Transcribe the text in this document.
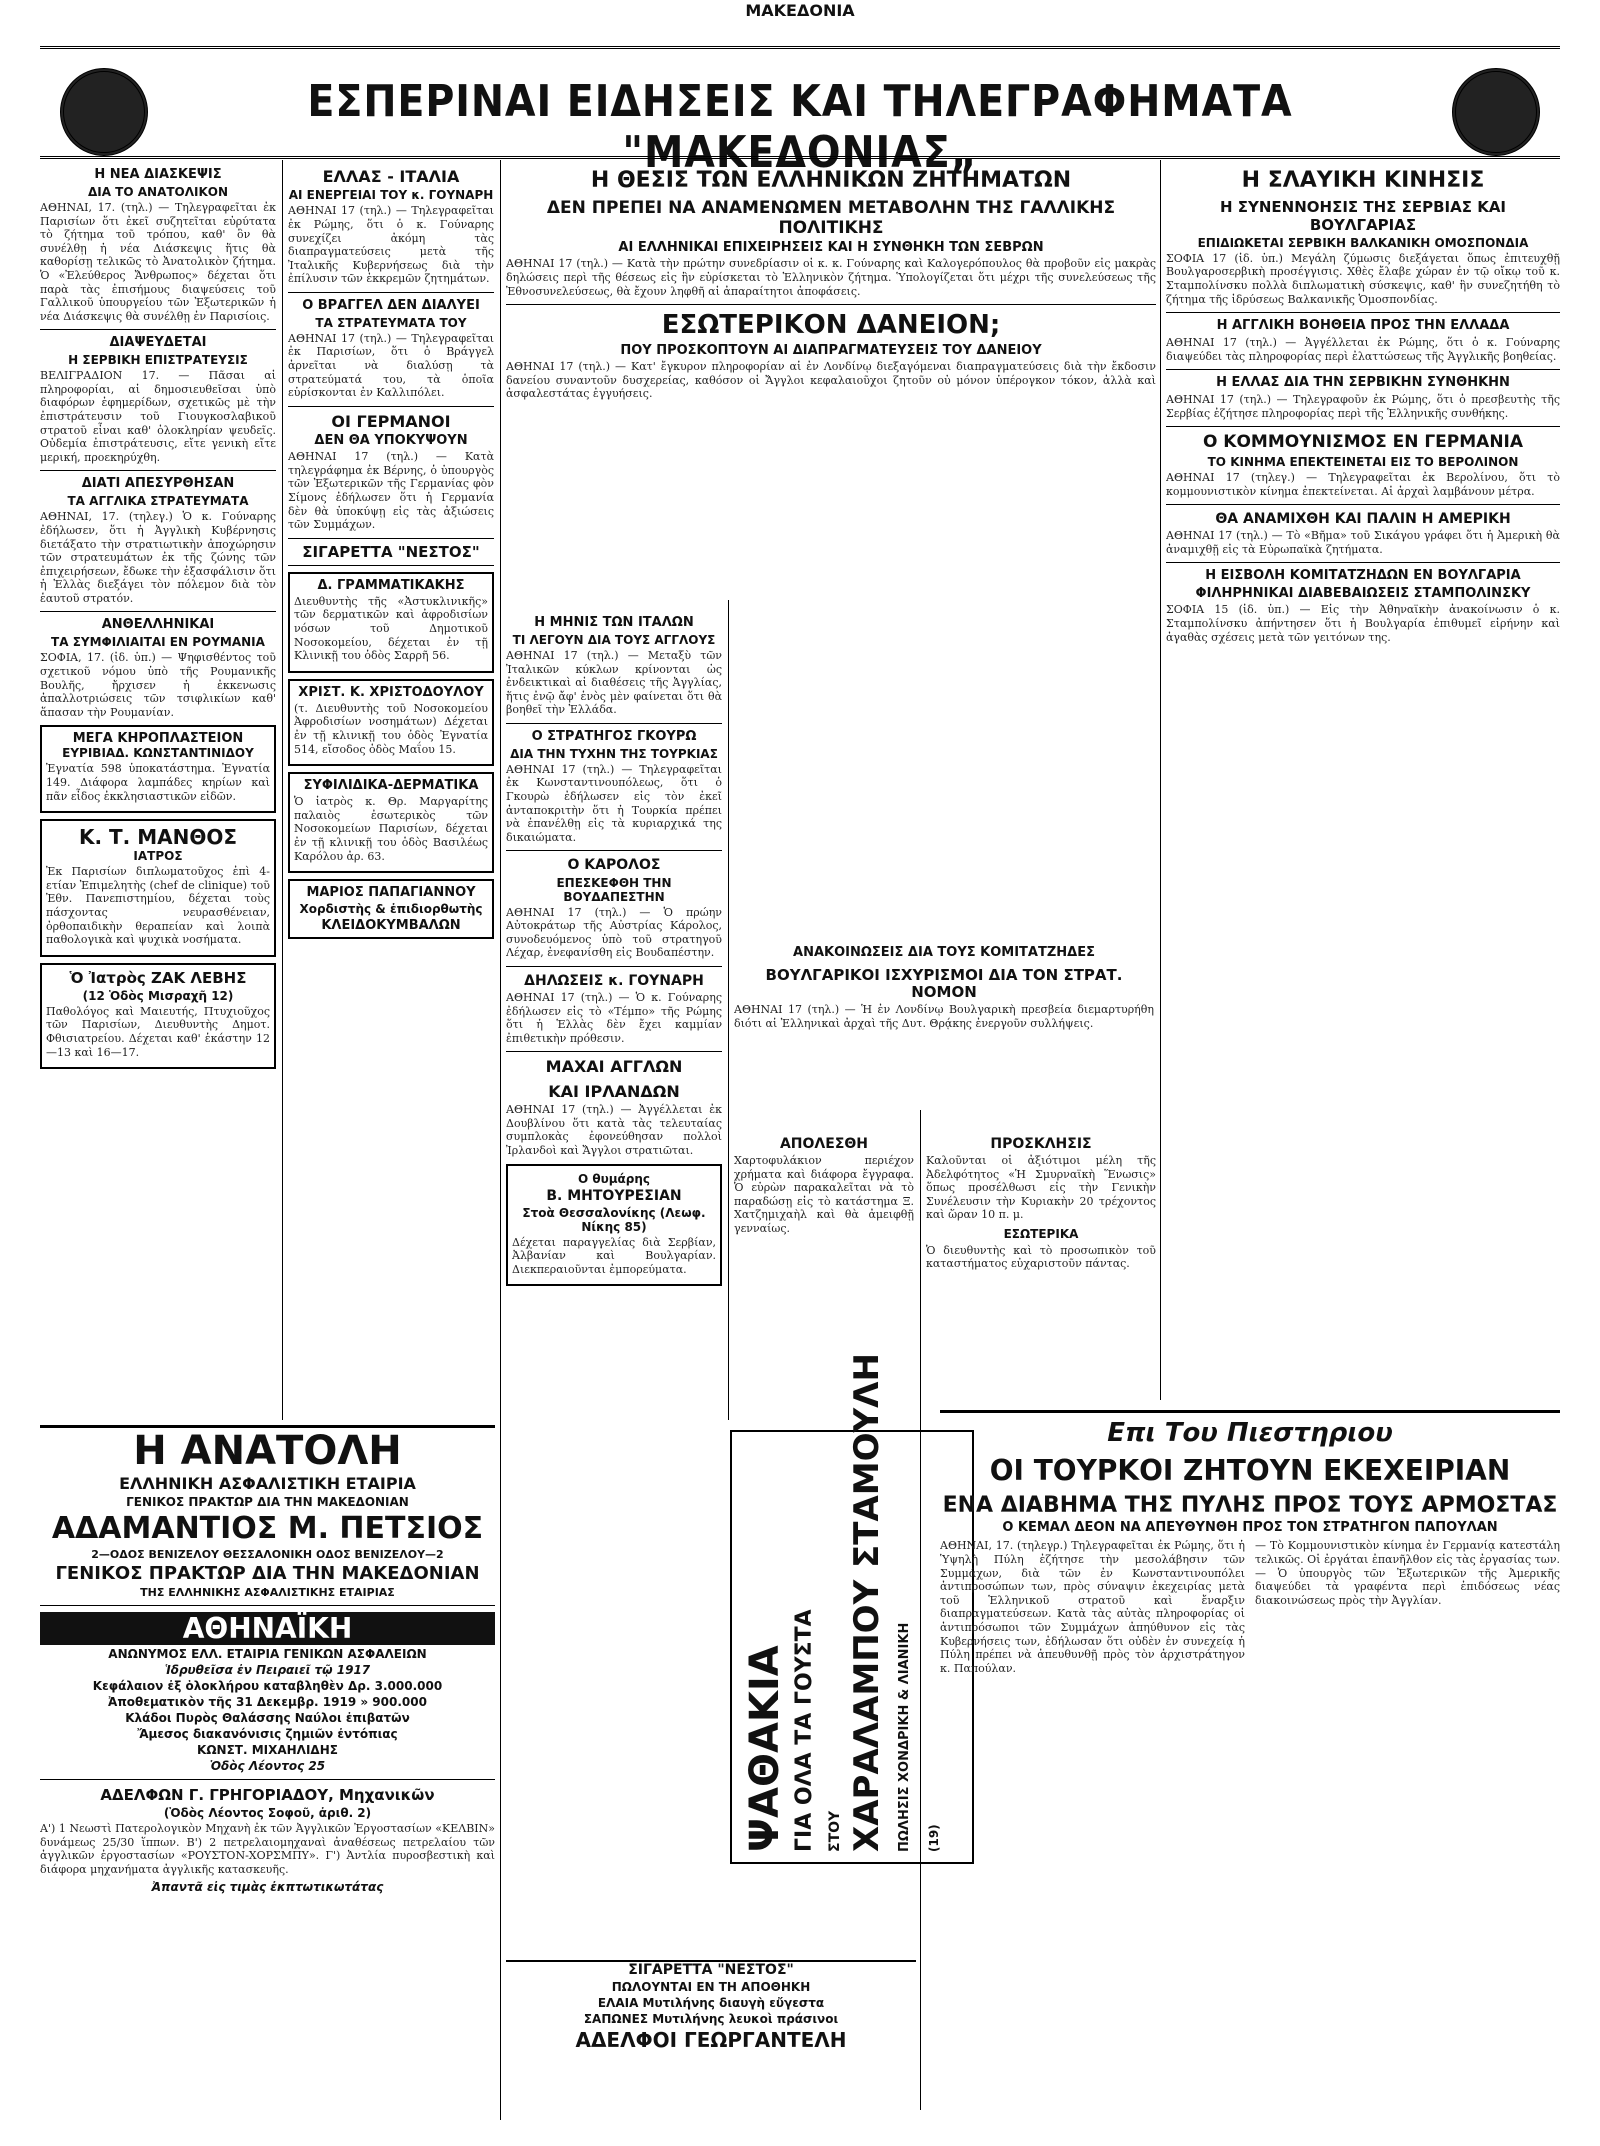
ΜΑΚΕΔΟΝΙΑ
ΕΣΠΕΡΙΝΑΙ ΕΙΔΗΣΕΙΣ ΚΑΙ ΤΗΛΕΓΡΑΦΗΜΑΤΑ "ΜΑΚΕΔΟΝΙΑΣ„
Η ΝΕΑ ΔΙΑΣΚΕΨΙΣ
ΔΙΑ ΤΟ ΑΝΑΤΟΛΙΚΟΝ
ΑΘΗΝΑΙ, 17. (τηλ.) — Τηλεγραφεῖται ἐκ Παρισίων ὅτι ἐκεῖ συζητεῖται εὐρύτατα τὸ ζήτημα τοῦ τρόπου, καθ' ὃν θὰ συνέλθῃ ἡ νέα Διάσκεψις ἥτις θὰ καθορίσῃ τελικῶς τὸ Ἀνατολικὸν ζήτημα. Ὁ «Ἐλεύθερος Ἄνθρωπος» δέχεται ὅτι παρὰ τὰς ἐπισήμους διαψεύσεις τοῦ Γαλλικοῦ ὑπουργείου τῶν Ἐξωτερικῶν ἡ νέα Διάσκεψις θὰ συνέλθῃ ἐν Παρισίοις.
ΔΙΑΨΕΥΔΕΤΑΙ
Η ΣΕΡΒΙΚΗ ΕΠΙΣΤΡΑΤΕΥΣΙΣ
ΒΕΛΙΓΡΑΔΙΟΝ 17. — Πᾶσαι αἱ πληροφορίαι, αἱ δημοσιευθεῖσαι ὑπὸ διαφόρων ἐφημερίδων, σχετικῶς μὲ τὴν ἐπιστράτευσιν τοῦ Γιουγκοσλαβικοῦ στρατοῦ εἶναι καθ' ὁλοκληρίαν ψευδεῖς. Οὐδεμία ἐπιστράτευσις, εἴτε γενικὴ εἴτε μερική, προεκηρύχθη.
ΔΙΑΤΙ ΑΠΕΣΥΡΘΗΣΑΝ
ΤΑ ΑΓΓΛΙΚΑ ΣΤΡΑΤΕΥΜΑΤΑ
ΑΘΗΝΑΙ, 17. (τηλεγ.) Ὁ κ. Γούναρης ἐδήλωσεν, ὅτι ἡ Ἀγγλικὴ Κυβέρνησις διετάξατο τὴν στρατιωτικὴν ἀποχώρησιν τῶν στρατευμάτων ἐκ τῆς ζώνης τῶν ἐπιχειρήσεων, ἔδωκε τὴν ἐξασφάλισιν ὅτι ἡ Ἑλλὰς διεξάγει τὸν πόλεμον διὰ τὸν ἑαυτοῦ στρατόν.
ΑΝΘΕΛΛΗΝΙΚΑΙ
ΤΑ ΣΥΜΦΙΛΙΑΙΤΑΙ ΕΝ ΡΟΥΜΑΝΙΑ
ΣΟΦΙΑ, 17. (ἰδ. ὑπ.) — Ψηφισθέντος τοῦ σχετικοῦ νόμου ὑπὸ τῆς Ρουμανικῆς Βουλῆς, ἤρχισεν ἡ ἐκκενωσις ἀπαλλοτριώσεις τῶν τσιφλικίων καθ' ἅπασαν τὴν Ρουμανίαν.
ΜΕΓΑ ΚΗΡΟΠΛΑΣΤΕΙΟΝ
ΕΥΡΙΒΙΑΔ. ΚΩΝΣΤΑΝΤΙΝΙΔΟΥ
Ἐγνατία 598 ὑποκατάστημα. Ἐγνατία 149. Διάφορα λαμπάδες κηρίων καὶ πᾶν εἶδος ἐκκλησιαστικῶν εἰδῶν.
Κ. Τ. ΜΑΝΘΟΣ
ΙΑΤΡΟΣ
Ἐκ Παρισίων διπλωματοῦχος ἐπὶ 4-ετίαν Ἐπιμελητὴς (chef de clinique) τοῦ Ἐθν. Πανεπιστημίου, δέχεται τοὺς πάσχοντας νευρασθένειαν, ὀρθοπαιδικὴν θεραπείαν καὶ λοιπὰ παθολογικὰ καὶ ψυχικὰ νοσήματα.
Ὁ Ἰατρὸς ΖΑΚ ΛΕΒΗΣ
(12 Ὁδὸς Μισραχῆ 12)
Παθολόγος καὶ Μαιευτής, Πτυχιοῦχος τῶν Παρισίων, Διευθυντὴς Δημοτ. Φθισιατρείου. Δέχεται καθ' ἑκάστην 12—13 καὶ 16—17.
ΕΛΛΑΣ - ΙΤΑΛΙΑ
ΑΙ ΕΝΕΡΓΕΙΑΙ ΤΟΥ κ. ΓΟΥΝΑΡΗ
ΑΘΗΝΑΙ 17 (τηλ.) — Τηλεγραφεῖται ἐκ Ρώμης, ὅτι ὁ κ. Γούναρης συνεχίζει ἀκόμη τὰς διαπραγματεύσεις μετὰ τῆς Ἰταλικῆς Κυβερνήσεως διὰ τὴν ἐπίλυσιν τῶν ἐκκρεμῶν ζητημάτων.
Ο ΒΡΑΓΓΕΛ ΔΕΝ ΔΙΑΛΥΕΙ
ΤΑ ΣΤΡΑΤΕΥΜΑΤΑ ΤΟΥ
ΑΘΗΝΑΙ 17 (τηλ.) — Τηλεγραφεῖται ἐκ Παρισίων, ὅτι ὁ Βράγγελ ἀρνεῖται νὰ διαλύσῃ τὰ στρατεύματά του, τὰ ὁποῖα εὑρίσκονται ἐν Καλλιπόλει.
ΟΙ ΓΕΡΜΑΝΟΙ
ΔΕΝ ΘΑ ΥΠΟΚΥΨΟΥΝ
ΑΘΗΝΑΙ 17 (τηλ.) — Κατὰ τηλεγράφημα ἐκ Βέρνης, ὁ ὑπουργὸς τῶν Ἐξωτερικῶν τῆς Γερμανίας φὸν Σίμονς ἐδήλωσεν ὅτι ἡ Γερμανία δὲν θὰ ὑποκύψῃ εἰς τὰς ἀξιώσεις τῶν Συμμάχων.
ΣΙΓΑΡΕΤΤΑ "ΝΕΣΤΟΣ"
Δ. ΓΡΑΜΜΑΤΙΚΑΚΗΣ
Διευθυντὴς τῆς «Ἀστυκλινικῆς» τῶν δερματικῶν καὶ ἀφροδισίων νόσων τοῦ Δημοτικοῦ Νοσοκομείου, δέχεται ἐν τῇ Κλινικῇ του ὁδὸς Σαρρῆ 56.
ΧΡΙΣΤ. Κ. ΧΡΙΣΤΟΔΟΥΛΟΥ
(τ. Διευθυντὴς τοῦ Νοσοκομείου Ἀφροδισίων νοσημάτων) Δέχεται ἐν τῇ κλινικῇ του ὁδὸς Ἐγνατία 514, εἴσοδος ὁδὸς Μαΐου 15.
ΣΥΦΙΛΙΔΙΚΑ-ΔΕΡΜΑΤΙΚΑ
Ὁ ἰατρὸς κ. Θρ. Μαργαρίτης παλαιὸς ἐσωτερικὸς τῶν Νοσοκομείων Παρισίων, δέχεται ἐν τῇ κλινικῇ του ὁδὸς Βασιλέως Καρόλου ἀρ. 63.
ΜΑΡΙΟΣ ΠΑΠΑΓΙΑΝΝΟΥ
Χορδιστὴς & ἐπιδιορθωτὴς
ΚΛΕΙΔΟΚΥΜΒΑΛΩΝ
Η ΘΕΣΙΣ ΤΩΝ ΕΛΛΗΝΙΚΩΝ ΖΗΤΗΜΑΤΩΝ
ΔΕΝ ΠΡΕΠΕΙ ΝΑ ΑΝΑΜΕΝΩΜΕΝ ΜΕΤΑΒΟΛΗΝ ΤΗΣ ΓΑΛΛΙΚΗΣ ΠΟΛΙΤΙΚΗΣ
ΑΙ ΕΛΛΗΝΙΚΑΙ ΕΠΙΧΕΙΡΗΣΕΙΣ ΚΑΙ Η ΣΥΝΘΗΚΗ ΤΩΝ ΣΕΒΡΩΝ
ΑΘΗΝΑΙ 17 (τηλ.) — Κατὰ τὴν πρώτην συνεδρίασιν οἱ κ. κ. Γούναρης καὶ Καλογερόπουλος θὰ προβοῦν εἰς μακρὰς δηλώσεις περὶ τῆς θέσεως εἰς ἣν εὑρίσκεται τὸ Ἑλληνικὸν ζήτημα. Ὑπολογίζεται ὅτι μέχρι τῆς συνελεύσεως τῆς Ἐθνοσυνελεύσεως, θὰ ἔχουν ληφθῆ αἱ ἀπαραίτητοι ἀποφάσεις.
ΕΣΩΤΕΡΙΚΟΝ ΔΑΝΕΙΟΝ;
ΠΟΥ ΠΡΟΣΚΟΠΤΟΥΝ ΑΙ ΔΙΑΠΡΑΓΜΑΤΕΥΣΕΙΣ ΤΟΥ ΔΑΝΕΙΟΥ
ΑΘΗΝΑΙ 17 (τηλ.) — Κατ' ἔγκυρον πληροφορίαν αἱ ἐν Λονδίνῳ διεξαγόμεναι διαπραγματεύσεις διὰ τὴν ἔκδοσιν δανείου συναντοῦν δυσχερείας, καθόσον οἱ Ἄγγλοι κεφαλαιοῦχοι ζητοῦν οὐ μόνον ὑπέρογκον τόκον, ἀλλὰ καὶ ἀσφαλεστάτας ἐγγυήσεις.
Η ΜΗΝΙΣ ΤΩΝ ΙΤΑΛΩΝ
ΤΙ ΛΕΓΟΥΝ ΔΙΑ ΤΟΥΣ ΑΓΓΛΟΥΣ
ΑΘΗΝΑΙ 17 (τηλ.) — Μεταξὺ τῶν Ἰταλικῶν κύκλων κρίνονται ὡς ἐνδεικτικαὶ αἱ διαθέσεις τῆς Ἀγγλίας, ἥτις ἐνῷ ἄφ' ἑνὸς μὲν φαίνεται ὅτι θὰ βοηθεῖ τὴν Ἑλλάδα.
Ο ΣΤΡΑΤΗΓΟΣ ΓΚΟΥΡΩ
ΔΙΑ ΤΗΝ ΤΥΧΗΝ ΤΗΣ ΤΟΥΡΚΙΑΣ
ΑΘΗΝΑΙ 17 (τηλ.) — Τηλεγραφεῖται ἐκ Κωνσταντινουπόλεως, ὅτι ὁ Γκουρὼ ἐδήλωσεν εἰς τὸν ἐκεῖ ἀνταποκριτὴν ὅτι ἡ Τουρκία πρέπει νὰ ἐπανέλθῃ εἰς τὰ κυριαρχικά της δικαιώματα.
Ο ΚΑΡΟΛΟΣ
ΕΠΕΣΚΕΦΘΗ ΤΗΝ ΒΟΥΔΑΠΕΣΤΗΝ
ΑΘΗΝΑΙ 17 (τηλ.) — Ὁ πρώην Αὐτοκράτωρ τῆς Αὐστρίας Κάρολος, συνοδευόμενος ὑπὸ τοῦ στρατηγοῦ Λέχαρ, ἐνεφανίσθη εἰς Βουδαπέστην.
ΔΗΛΩΣΕΙΣ κ. ΓΟΥΝΑΡΗ
ΑΘΗΝΑΙ 17 (τηλ.) — Ὁ κ. Γούναρης ἐδήλωσεν εἰς τὸ «Τέμπο» τῆς Ρώμης ὅτι ἡ Ἑλλὰς δὲν ἔχει καμμίαν ἐπιθετικὴν πρόθεσιν.
ΜΑΧΑΙ ΑΓΓΛΩΝ
ΚΑΙ ΙΡΛΑΝΔΩΝ
ΑΘΗΝΑΙ 17 (τηλ.) — Ἀγγέλλεται ἐκ Δουβλίνου ὅτι κατὰ τὰς τελευταίας συμπλοκὰς ἐφονεύθησαν πολλοὶ Ἰρλανδοὶ καὶ Ἄγγλοι στρατιῶται.
Ο θυμάρης
Β. ΜΗΤΟΥΡΕΣΙΑΝ
Στοὰ Θεσσαλονίκης (Λεωφ. Νίκης 85)
Δέχεται παραγγελίας διὰ Σερβίαν, Ἀλβανίαν καὶ Βουλγαρίαν. Διεκπεραιοῦνται ἐμπορεύματα.
ΑΝΑΚΟΙΝΩΣΕΙΣ ΔΙΑ ΤΟΥΣ ΚΟΜΙΤΑΤΖΗΔΕΣ
ΒΟΥΛΓΑΡΙΚΟΙ ΙΣΧΥΡΙΣΜΟΙ ΔΙΑ ΤΟΝ ΣΤΡΑΤ. ΝΟΜΟΝ
ΑΘΗΝΑΙ 17 (τηλ.) — Ἡ ἐν Λονδίνῳ Βουλγαρικὴ πρεσβεία διεμαρτυρήθη διότι αἱ Ἑλληνικαὶ ἀρχαὶ τῆς Δυτ. Θρᾴκης ἐνεργοῦν συλλήψεις.
ΑΠΟΛΕΣΘΗ
Χαρτοφυλάκιον περιέχον χρήματα καὶ διάφορα ἔγγραφα. Ὁ εὑρὼν παρακαλεῖται νὰ τὸ παραδώσῃ εἰς τὸ κατάστημα Ξ. Χατζημιχαὴλ καὶ θὰ ἀμειφθῇ γενναίως.
ΠΡΟΣΚΛΗΣΙΣ
Καλοῦνται οἱ ἀξιότιμοι μέλη τῆς Ἀδελφότητος «Ἡ Σμυρναϊκὴ Ἕνωσις» ὅπως προσέλθωσι εἰς τὴν Γενικὴν Συνέλευσιν τὴν Κυριακὴν 20 τρέχοντος καὶ ὥραν 10 π. μ.
ΕΣΩΤΕΡΙΚΑ
Ὁ διευθυντὴς καὶ τὸ προσωπικὸν τοῦ καταστήματος εὐχαριστοῦν πάντας.
ΨΑΘΑΚΙΑ ΓΙΑ ΟΛΑ ΤΑ ΓΟΥΣΤΑ ΣΤΟΥ ΧΑΡΑΛΑΜΠΟΥ ΣΤΑΜΟΥΛΗ ΠΩΛΗΣΙΣ ΧΟΝΔΡΙΚΗ & ΛΙΑΝΙΚΗ (19)
Η ΣΛΑΥΙΚΗ ΚΙΝΗΣΙΣ
Η ΣΥΝΕΝΝΟΗΣΙΣ ΤΗΣ ΣΕΡΒΙΑΣ ΚΑΙ ΒΟΥΛΓΑΡΙΑΣ
ΕΠΙΔΙΩΚΕΤΑΙ ΣΕΡΒΙΚΗ ΒΑΛΚΑΝΙΚΗ ΟΜΟΣΠΟΝΔΙΑ
ΣΟΦΙΑ 17 (ἰδ. ὑπ.) Μεγάλη ζύμωσις διεξάγεται ὅπως ἐπιτευχθῇ Βουλγαροσερβικὴ προσέγγισις. Χθὲς ἔλαβε χώραν ἐν τῷ οἴκῳ τοῦ κ. Σταμπολίνσκυ πολλὰ διπλωματικὴ σύσκεψις, καθ' ἣν συνεζητήθη τὸ ζήτημα τῆς ἱδρύσεως Βαλκανικῆς Ὁμοσπονδίας.
Η ΑΓΓΛΙΚΗ ΒΟΗΘΕΙΑ ΠΡΟΣ ΤΗΝ ΕΛΛΑΔΑ
ΑΘΗΝΑΙ 17 (τηλ.) — Ἀγγέλλεται ἐκ Ρώμης, ὅτι ὁ κ. Γούναρης διαψεύδει τὰς πληροφορίας περὶ ἐλαττώσεως τῆς Ἀγγλικῆς βοηθείας.
Η ΕΛΛΑΣ ΔΙΑ ΤΗΝ ΣΕΡΒΙΚΗΝ ΣΥΝΘΗΚΗΝ
ΑΘΗΝΑΙ 17 (τηλ.) — Τηλεγραφοῦν ἐκ Ρώμης, ὅτι ὁ πρεσβευτὴς τῆς Σερβίας ἐζήτησε πληροφορίας περὶ τῆς Ἑλληνικῆς συνθήκης.
Ο ΚΟΜΜΟΥΝΙΣΜΟΣ ΕΝ ΓΕΡΜΑΝΙΑ
ΤΟ ΚΙΝΗΜΑ ΕΠΕΚΤΕΙΝΕΤΑΙ ΕΙΣ ΤΟ ΒΕΡΟΛΙΝΟΝ
ΑΘΗΝΑΙ 17 (τηλεγ.) — Τηλεγραφεῖται ἐκ Βερολίνου, ὅτι τὸ κομμουνιστικὸν κίνημα ἐπεκτείνεται. Αἱ ἀρχαὶ λαμβάνουν μέτρα.
ΘΑ ΑΝΑΜΙΧΘΗ ΚΑΙ ΠΑΛΙΝ Η ΑΜΕΡΙΚΗ
ΑΘΗΝΑΙ 17 (τηλ.) — Τὸ «Βῆμα» τοῦ Σικάγου γράφει ὅτι ἡ Ἀμερικὴ θὰ ἀναμιχθῇ εἰς τὰ Εὐρωπαϊκὰ ζητήματα.
Η ΕΙΣΒΟΛΗ ΚΟΜΙΤΑΤΖΗΔΩΝ ΕΝ ΒΟΥΛΓΑΡΙΑ
ΦΙΛΗΡΗΝΙΚΑΙ ΔΙΑΒΕΒΑΙΩΣΕΙΣ ΣΤΑΜΠΟΛΙΝΣΚΥ
ΣΟΦΙΑ 15 (ἰδ. ὑπ.) — Εἰς τὴν Ἀθηναϊκὴν ἀνακοίνωσιν ὁ κ. Σταμπολίνσκυ ἀπήντησεν ὅτι ἡ Βουλγαρία ἐπιθυμεῖ εἰρήνην καὶ ἀγαθὰς σχέσεις μετὰ τῶν γειτόνων της.
Επι Του Πιεστηριου
ΟΙ ΤΟΥΡΚΟΙ ΖΗΤΟΥΝ ΕΚΕΧΕΙΡΙΑΝ
ΕΝΑ ΔΙΑΒΗΜΑ ΤΗΣ ΠΥΛΗΣ ΠΡΟΣ ΤΟΥΣ ΑΡΜΟΣΤΑΣ
Ο ΚΕΜΑΛ ΔΕΟΝ ΝΑ ΑΠΕΥΘΥΝΘΗ ΠΡΟΣ ΤΟΝ ΣΤΡΑΤΗΓΟΝ ΠΑΠΟΥΛΑΝ
ΑΘΗΝΑΙ, 17. (τηλεγρ.) Τηλεγραφεῖται ἐκ Ρώμης, ὅτι ἡ Ὑψηλὴ Πύλη ἐζήτησε τὴν μεσολάβησιν τῶν Συμμάχων, διὰ τῶν ἐν Κωνσταντινουπόλει ἀντιπροσώπων των, πρὸς σύναψιν ἐκεχειρίας μετὰ τοῦ Ἑλληνικοῦ στρατοῦ καὶ ἔναρξιν διαπραγματεύσεων. Κατὰ τὰς αὐτὰς πληροφορίας οἱ ἀντιπρόσωποι τῶν Συμμάχων ἀπηύθυνον εἰς τὰς Κυβερνήσεις των, ἐδήλωσαν ὅτι οὐδὲν ἐν συνεχείᾳ ἡ Πύλη πρέπει νὰ ἀπευθυνθῇ πρὸς τὸν ἀρχιστράτηγον κ. Παπούλαν.
— Τὸ Κομμουνιστικὸν κίνημα ἐν Γερμανίᾳ κατεστάλη τελικῶς. Οἱ ἐργάται ἐπανῆλθον εἰς τὰς ἐργασίας των. — Ὁ ὑπουργὸς τῶν Ἐξωτερικῶν τῆς Ἀμερικῆς διαψεύδει τὰ γραφέντα περὶ ἐπιδόσεως νέας διακοινώσεως πρὸς τὴν Ἀγγλίαν.
Η ΑΝΑΤΟΛΗ
ΕΛΛΗΝΙΚΗ ΑΣΦΑΛΙΣΤΙΚΗ ΕΤΑΙΡΙΑ
ΓΕΝΙΚΟΣ ΠΡΑΚΤΩΡ ΔΙΑ ΤΗΝ ΜΑΚΕΔΟΝΙΑΝ
ΑΔΑΜΑΝΤΙΟΣ Μ. ΠΕΤΣΙΟΣ
2—ΟΔΟΣ ΒΕΝΙΖΕΛΟΥ ΘΕΣΣΑΛΟΝΙΚΗ ΟΔΟΣ ΒΕΝΙΖΕΛΟΥ—2
ΓΕΝΙΚΟΣ ΠΡΑΚΤΩΡ ΔΙΑ ΤΗΝ ΜΑΚΕΔΟΝΙΑΝ
ΤΗΣ ΕΛΛΗΝΙΚΗΣ ΑΣΦΑΛΙΣΤΙΚΗΣ ΕΤΑΙΡΙΑΣ
ΑΘΗΝΑΪΚΗ
ΑΝΩΝΥΜΟΣ ΕΛΛ. ΕΤΑΙΡΙΑ ΓΕΝΙΚΩΝ ΑΣΦΑΛΕΙΩΝ
Ἱδρυθεῖσα ἐν Πειραιεῖ τῷ 1917
Κεφάλαιον ἐξ ὁλοκλήρου καταβληθὲν Δρ. 3.000.000
Ἀποθεματικὸν τῆς 31 Δεκεμβρ. 1919 » 900.000
Κλάδοι Πυρὸς Θαλάσσης Ναύλοι ἐπιβατῶν
Ἄμεσος διακανόνισις ζημιῶν ἐντόπιας
ΚΩΝΣΤ. ΜΙΧΑΗΛΙΔΗΣ
Ὁδὸς Λέοντος 25
ΑΔΕΛΦΩΝ Γ. ΓΡΗΓΟΡΙΑΔΟΥ, Μηχανικῶν
(Ὁδὸς Λέοντος Σοφοῦ, ἀριθ. 2)
Α') 1 Νεωστὶ Πατερολογικὸν Μηχανὴ ἐκ τῶν Ἀγγλικῶν Ἐργοστασίων «ΚΕΛΒΙΝ» δυνάμεως 25/30 ἵππων. Β') 2 πετρελαιομηχαναὶ ἀναθέσεως πετρελαίου τῶν ἀγγλικῶν ἐργοστασίων «ΡΟΥΣΤΟΝ-ΧΟΡΣΜΠΥ». Γ') Ἀντλία πυροσβεστικὴ καὶ διάφορα μηχανήματα ἀγγλικῆς κατασκευῆς.
Ἀπαντᾶ εἰς τιμὰς ἐκπτωτικωτάτας
ΣΙΓΑΡΕΤΤΑ "ΝΕΣΤΟΣ"
ΠΩΛΟΥΝΤΑΙ ΕΝ ΤΗ ΑΠΟΘΗΚΗ
ΕΛΑΙΑ Μυτιλήνης διαυγὴ εὔγεστα
ΣΑΠΩΝΕΣ Μυτιλήνης λευκοὶ πράσινοι
ΑΔΕΛΦΟΙ ΓΕΩΡΓΑΝΤΕΛΗ
